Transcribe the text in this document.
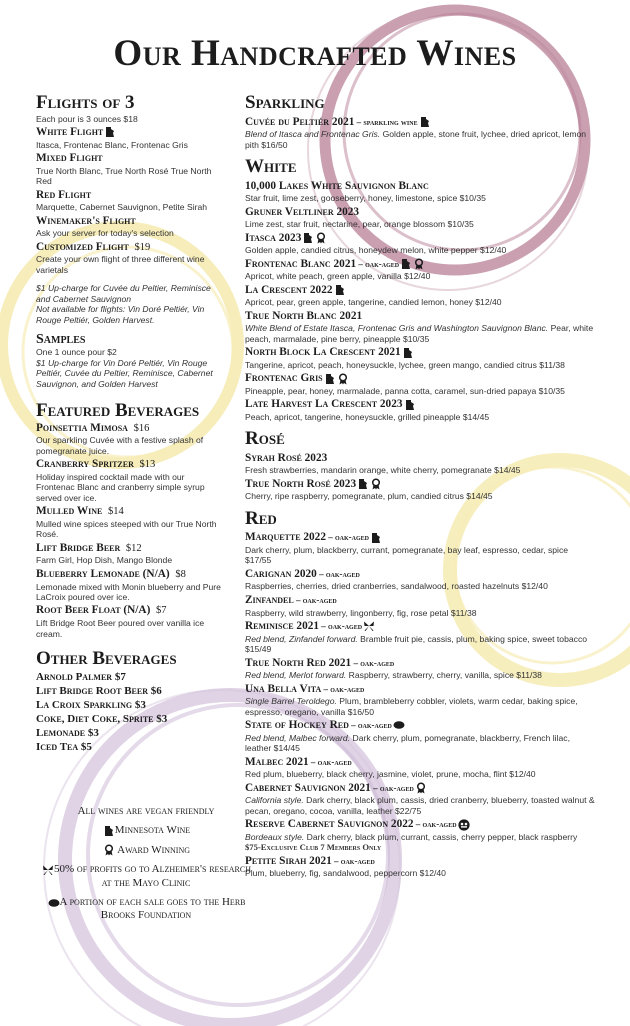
Our Handcrafted Wines
Flights of 3
Each pour is 3 ounces $18
White Flight
Itasca, Frontenac Blanc, Frontenac Gris
Mixed Flight
True North Blanc, True North Rosé True North Red
Red Flight
Marquette, Cabernet Sauvignon, Petite Sirah
Winemaker's Flight
Ask your server for today's selection
Customized Flight $19
Create your own flight of three different wine varietals
$1 Up-charge for Cuvée du Peltier, Reminisce and Cabernet Sauvignon
Not available for flights: Vin Doré Peltiér, Vin Rouge Peltiér, Golden Harvest.
Samples
One 1 ounce pour $2
$1 Up-charge for Vin Doré Peltiér, Vin Rouge Peltiér, Cuvée du Peltier, Reminisce, Cabernet Sauvignon, and Golden Harvest
Featured Beverages
Poinsettia Mimosa $16
Our sparkling Cuvée with a festive splash of pomegranate juice.
Cranberry Spritzer $13
Holiday inspired cocktail made with our Frontenac Blanc and cranberry simple syrup served over ice.
Mulled Wine $14
Mulled wine spices steeped with our True North Rosé.
Lift Bridge Beer $12
Farm Girl, Hop Dish, Mango Blonde
Blueberry Lemonade (N/A) $8
Lemonade mixed with Monin blueberry and Pure LaCroix poured over ice.
Root Beer Float (N/A) $7
Lift Bridge Root Beer poured over vanilla ice cream.
Other Beverages
Arnold Palmer $7
Lift Bridge Root Beer $6
La Croix Sparkling $3
Coke, Diet Coke, Sprite $3
Lemonade $3
Iced Tea $5
All wines are vegan friendly
Minnesota Wine
Award Winning
50% of profits go to Alzheimer's research at the Mayo Clinic
A portion of each sale goes to the Herb Brooks Foundation
Sparkling
Cuvée du Peltiér 2021 – sparkling wine
Blend of Itasca and Frontenac Gris. Golden apple, stone fruit, lychee, dried apricot, lemon pith $16/50
White
10,000 Lakes White Sauvignon Blanc
Star fruit, lime zest, gooseberry, honey, limestone, spice $10/35
Gruner Veltliner 2023
Lime zest, star fruit, nectarine, pear, orange blossom $10/35
Itasca 2023
Golden apple, candied citrus, honeydew melon, white pepper $12/40
Frontenac Blanc 2021 – oak-aged
Apricot, white peach, green apple, vanilla $12/40
La Crescent 2022
Apricot, pear, green apple, tangerine, candied lemon, honey $12/40
True North Blanc 2021
White Blend of Estate Itasca, Frontenac Gris and Washington Sauvignon Blanc. Pear, white peach, marmalade, pine berry, pineapple $10/35
North Block La Crescent 2021
Tangerine, apricot, peach, honeysuckle, lychee, green mango, candied citrus $11/38
Frontenac Gris
Pineapple, pear, honey, marmalade, panna cotta, caramel, sun-dried papaya $10/35
Late Harvest La Crescent 2023
Peach, apricot, tangerine, honeysuckle, grilled pineapple $14/45
Rosé
Syrah Rosé 2023
Fresh strawberries, mandarin orange, white cherry, pomegranate $14/45
True North Rosé 2023
Cherry, ripe raspberry, pomegranate, plum, candied citrus $14/45
Red
Marquette 2022 – oak-aged
Dark cherry, plum, blackberry, currant, pomegranate, bay leaf, espresso, cedar, spice $17/55
Carignan 2020 – oak-aged
Raspberries, cherries, dried cranberries, sandalwood, roasted hazelnuts $12/40
Zinfandel – oak-aged
Raspberry, wild strawberry, lingonberry, fig, rose petal $11/38
Reminisce 2021 – oak-aged
Red blend, Zinfandel forward. Bramble fruit pie, cassis, plum, baking spice, sweet tobacco $15/49
True North Red 2021 – oak-aged
Red blend, Merlot forward. Raspberry, strawberry, cherry, vanilla, spice $11/38
Una Bella Vita – oak-aged
Single Barrel Teroldego. Plum, brambleberry cobbler, violets, warm cedar, baking spice, espresso, oregano, vanilla $16/50
State of Hockey Red – oak-aged
Red blend, Malbec forward. Dark cherry, plum, pomegranate, blackberry, French lilac, leather $14/45
Malbec 2021 – oak-aged
Red plum, blueberry, black cherry, jasmine, violet, prune, mocha, flint $12/40
Cabernet Sauvignon 2021 – oak-aged
California style. Dark cherry, black plum, cassis, dried cranberry, blueberry, toasted walnut & pecan, oregano, cocoa, vanilla, leather $22/75
Reserve Cabernet Sauvignon 2022 – oak-aged
Bordeaux style. Dark cherry, black plum, currant, cassis, cherry pepper, black raspberry $75-Exclusive Club 7 Members Only
Petite Sirah 2021 – oak-aged
Plum, blueberry, fig, sandalwood, peppercorn $12/40
